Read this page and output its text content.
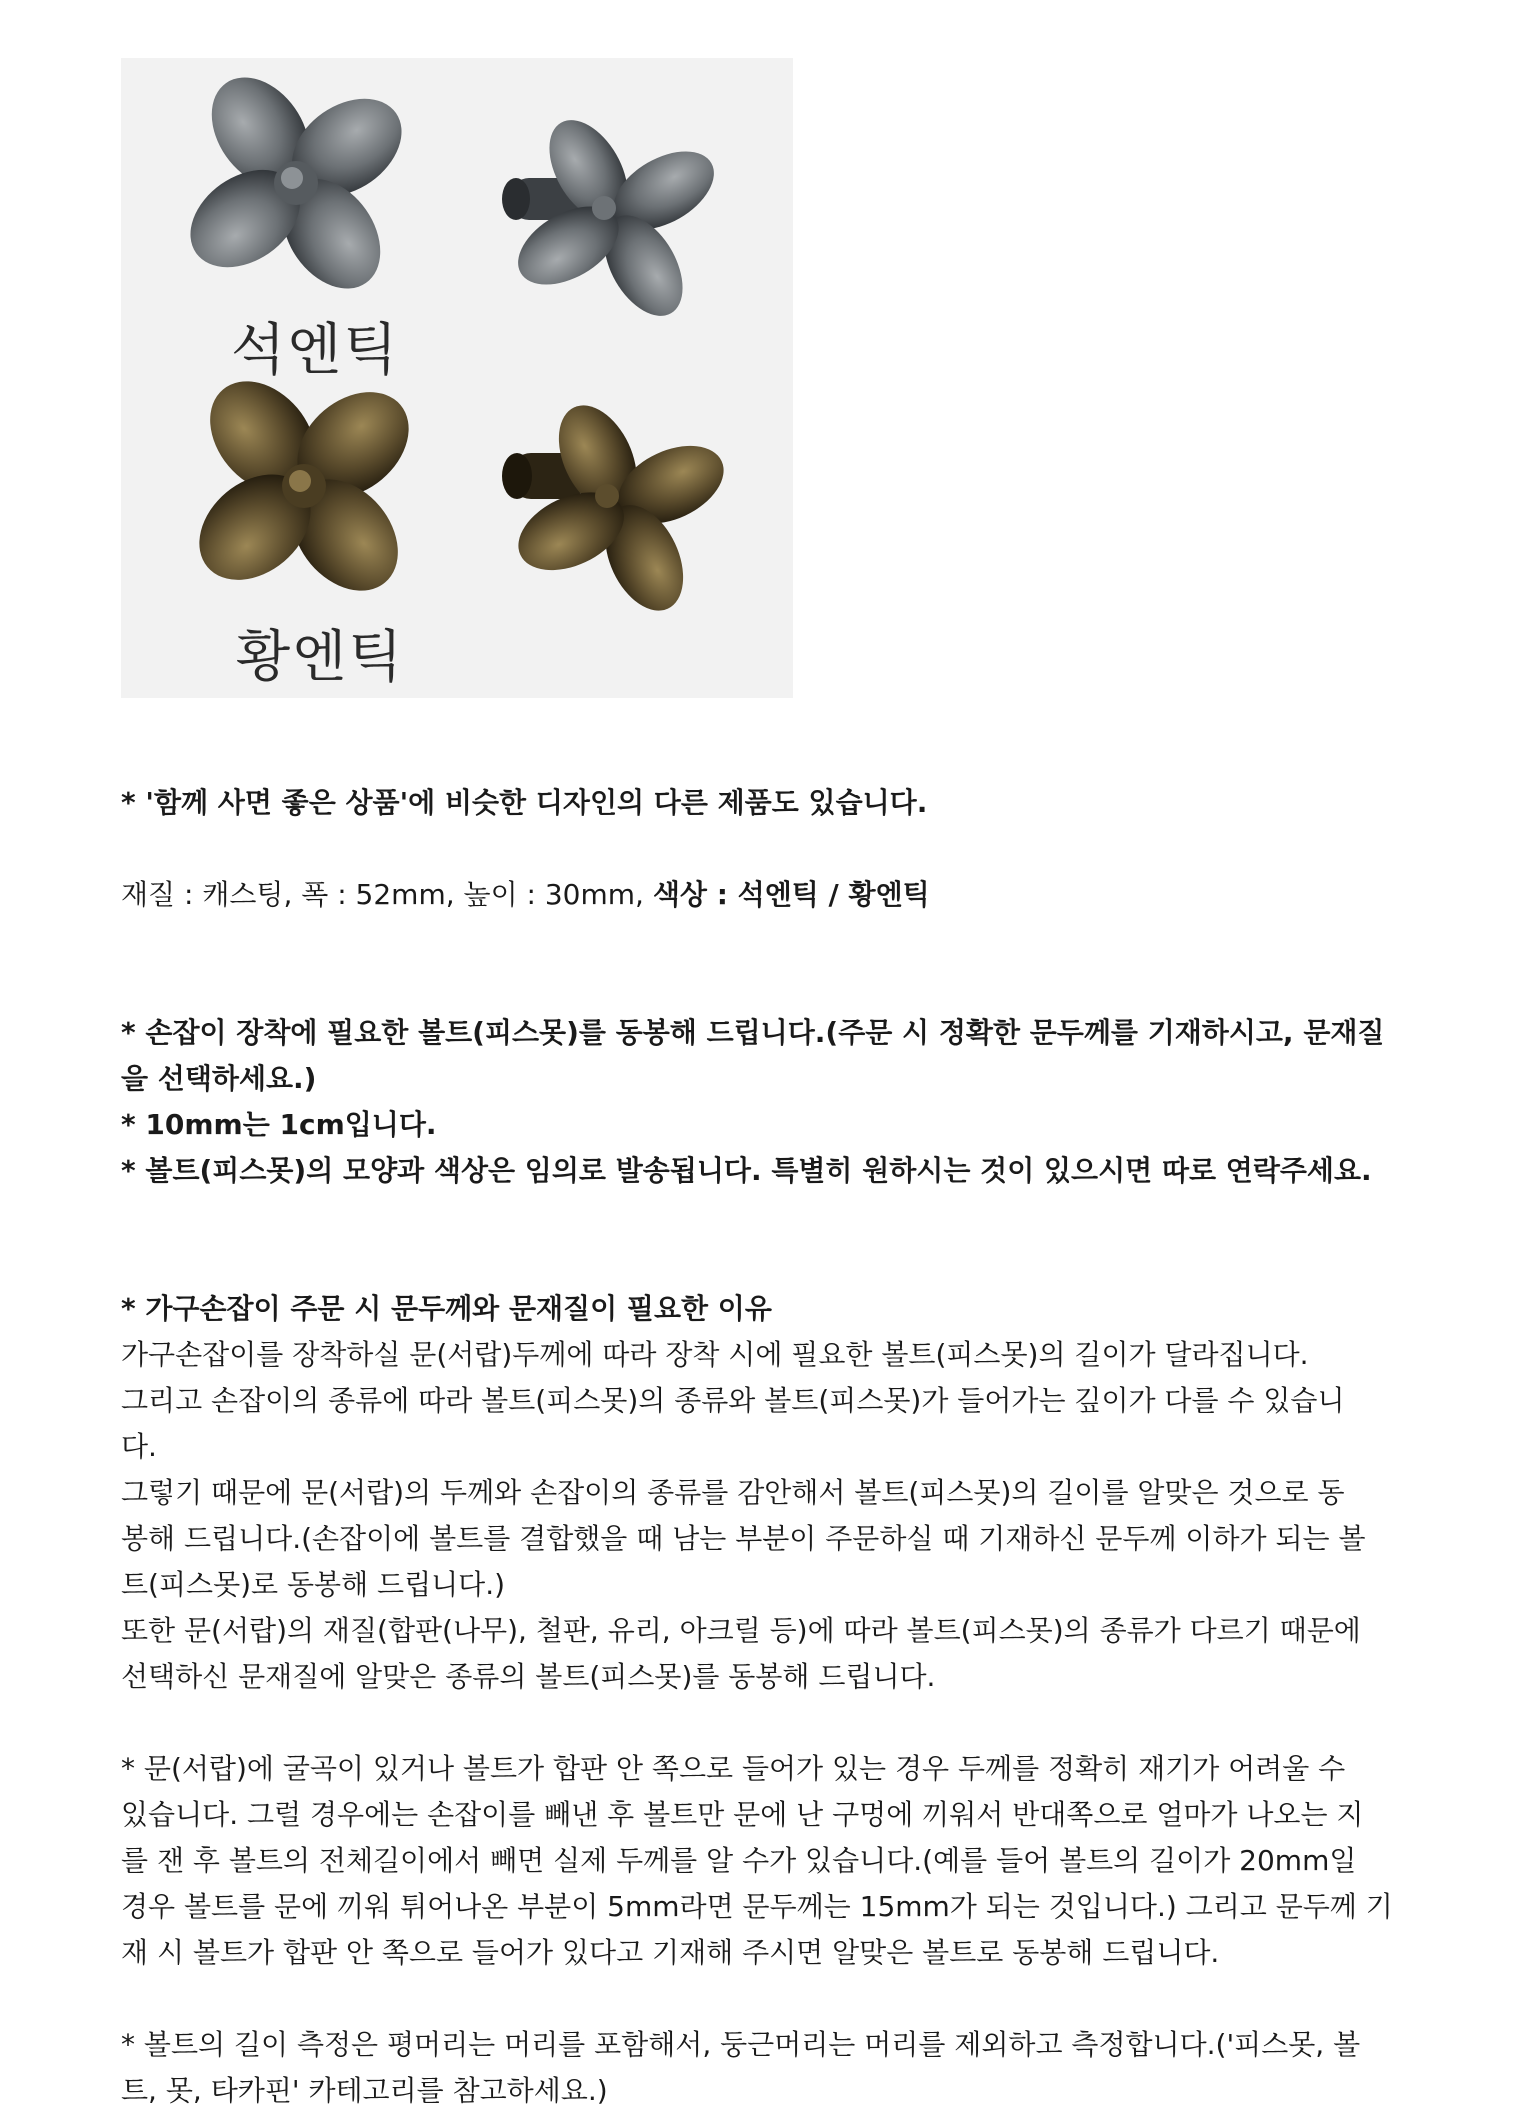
석엔틱
황엔틱

* '함께 사면 좋은 상품'에 비슷한 디자인의 다른 제품도 있습니다.

재질 : 캐스팅, 폭 : 52mm, 높이 : 30mm, 색상 : 석엔틱 / 황엔틱

* 손잡이 장착에 필요한 볼트(피스못)를 동봉해 드립니다.(주문 시 정확한 문두께를 기재하시고, 문재질

을 선택하세요.)

* 10mm는 1cm입니다.

* 볼트(피스못)의 모양과 색상은 임의로 발송됩니다. 특별히 원하시는 것이 있으시면 따로 연락주세요.

* 가구손잡이 주문 시 문두께와 문재질이 필요한 이유

가구손잡이를 장착하실 문(서랍)두께에 따라 장착 시에 필요한 볼트(피스못)의 길이가 달라집니다.

그리고 손잡이의 종류에 따라 볼트(피스못)의 종류와 볼트(피스못)가 들어가는 깊이가 다를 수 있습니

다.

그렇기 때문에 문(서랍)의 두께와 손잡이의 종류를 감안해서 볼트(피스못)의 길이를 알맞은 것으로 동

봉해 드립니다.(손잡이에 볼트를 결합했을 때 남는 부분이 주문하실 때 기재하신 문두께 이하가 되는 볼

트(피스못)로 동봉해 드립니다.)

또한 문(서랍)의 재질(합판(나무), 철판, 유리, 아크릴 등)에 따라 볼트(피스못)의 종류가 다르기 때문에

선택하신 문재질에 알맞은 종류의 볼트(피스못)를 동봉해 드립니다.

* 문(서랍)에 굴곡이 있거나 볼트가 합판 안 쪽으로 들어가 있는 경우 두께를 정확히 재기가 어려울 수

있습니다. 그럴 경우에는 손잡이를 빼낸 후 볼트만 문에 난 구멍에 끼워서 반대쪽으로 얼마가 나오는 지

를 잰 후 볼트의 전체길이에서 빼면 실제 두께를 알 수가 있습니다.(예를 들어 볼트의 길이가 20mm일

경우 볼트를 문에 끼워 튀어나온 부분이 5mm라면 문두께는 15mm가 되는 것입니다.) 그리고 문두께 기

재 시 볼트가 합판 안 쪽으로 들어가 있다고 기재해 주시면 알맞은 볼트로 동봉해 드립니다.

* 볼트의 길이 측정은 평머리는 머리를 포함해서, 둥근머리는 머리를 제외하고 측정합니다.('피스못, 볼

트, 못, 타카핀' 카테고리를 참고하세요.)
